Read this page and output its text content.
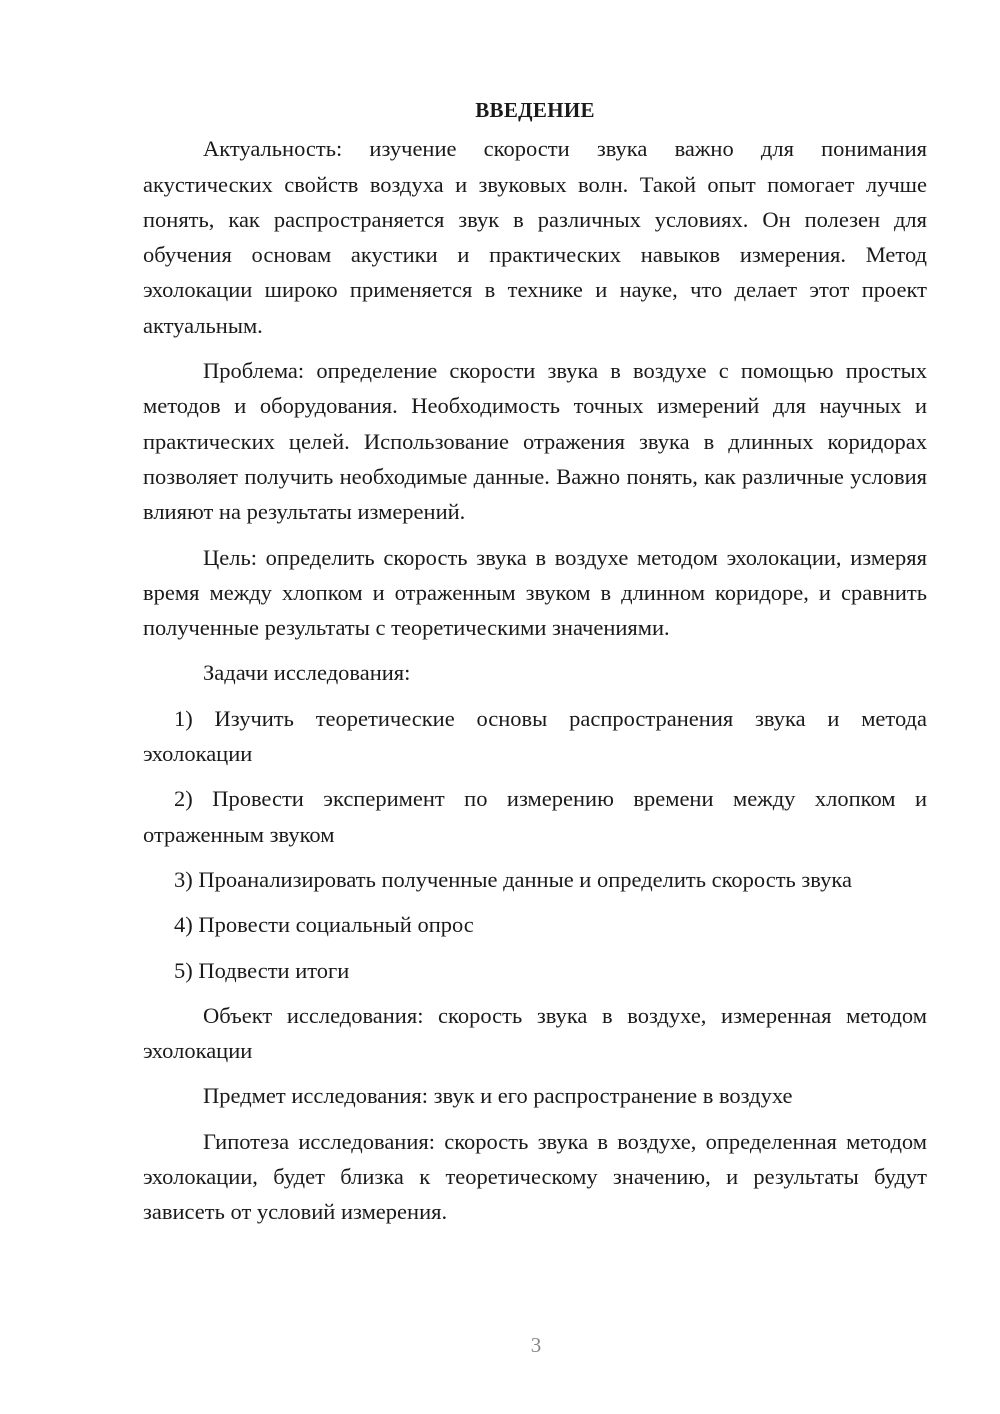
ВВЕДЕНИЕ

Актуальность: изучение скорости звука важно для понимания акустических свойств воздуха и звуковых волн. Такой опыт помогает лучше понять, как распространяется звук в различных условиях. Он полезен для обучения основам акустики и практических навыков измерения. Метод эхолокации широко применяется в технике и науке, что делает этот проект актуальным.

Проблема: определение скорости звука в воздухе с помощью простых методов и оборудования. Необходимость точных измерений для научных и практических целей. Использование отражения звука в длинных коридорах позволяет получить необходимые данные. Важно понять, как различные условия влияют на результаты измерений.

Цель: определить скорость звука в воздухе методом эхолокации, измеряя время между хлопком и отраженным звуком в длинном коридоре, и сравнить полученные результаты с теоретическими значениями.

Задачи исследования:

1) Изучить теоретические основы распространения звука и метода эхолокации

2) Провести эксперимент по измерению времени между хлопком и отраженным звуком

3) Проанализировать полученные данные и определить скорость звука

4) Провести социальный опрос

5) Подвести итоги

Объект исследования: скорость звука в воздухе, измеренная методом эхолокации

Предмет исследования: звук и его распространение в воздухе

Гипотеза исследования: скорость звука в воздухе, определенная методом эхолокации, будет близка к теоретическому значению, и результаты будут зависеть от условий измерения.

3
